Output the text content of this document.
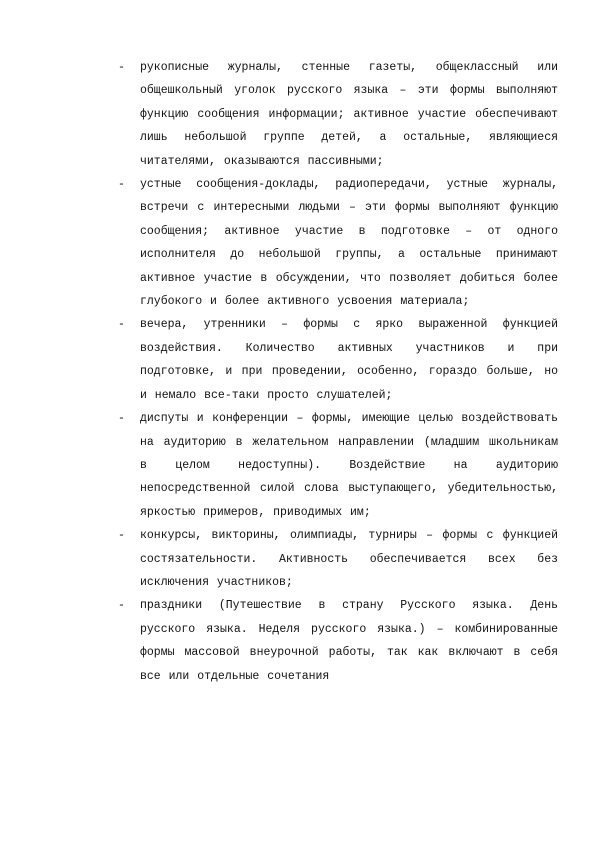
-	рукописные журналы, стенные газеты, общеклассный или общешкольный уголок русского языка – эти формы выполняют функцию сообщения информации; активное участие обеспечивают лишь небольшой группе детей, а остальные, являющиеся читателями, оказываются пассивными;
-	устные сообщения-доклады, радиопередачи, устные журналы, встречи с интересными людьми – эти формы выполняют функцию сообщения; активное участие в подготовке – от одного исполнителя до небольшой группы, а остальные принимают активное участие в обсуждении, что позволяет добиться более глубокого и более активного усвоения материала;
-	вечера, утренники – формы с ярко выраженной функцией воздействия. Количество активных участников и при подготовке, и при проведении, особенно, гораздо больше, но и немало все-таки просто слушателей;
-	диспуты и конференции – формы, имеющие целью воздействовать на аудиторию в желательном направлении (младшим школьникам в целом недоступны). Воздействие на аудиторию непосредственной силой слова выступающего, убедительностью, яркостью примеров, приводимых им;
-	конкурсы, викторины, олимпиады, турниры – формы с функцией состязательности. Активность обеспечивается всех без исключения участников;
-	праздники (Путешествие в страну Русского языка. День русского языка. Неделя русского языка.) – комбинированные формы массовой внеурочной работы, так как включают в себя все или отдельные сочетания
